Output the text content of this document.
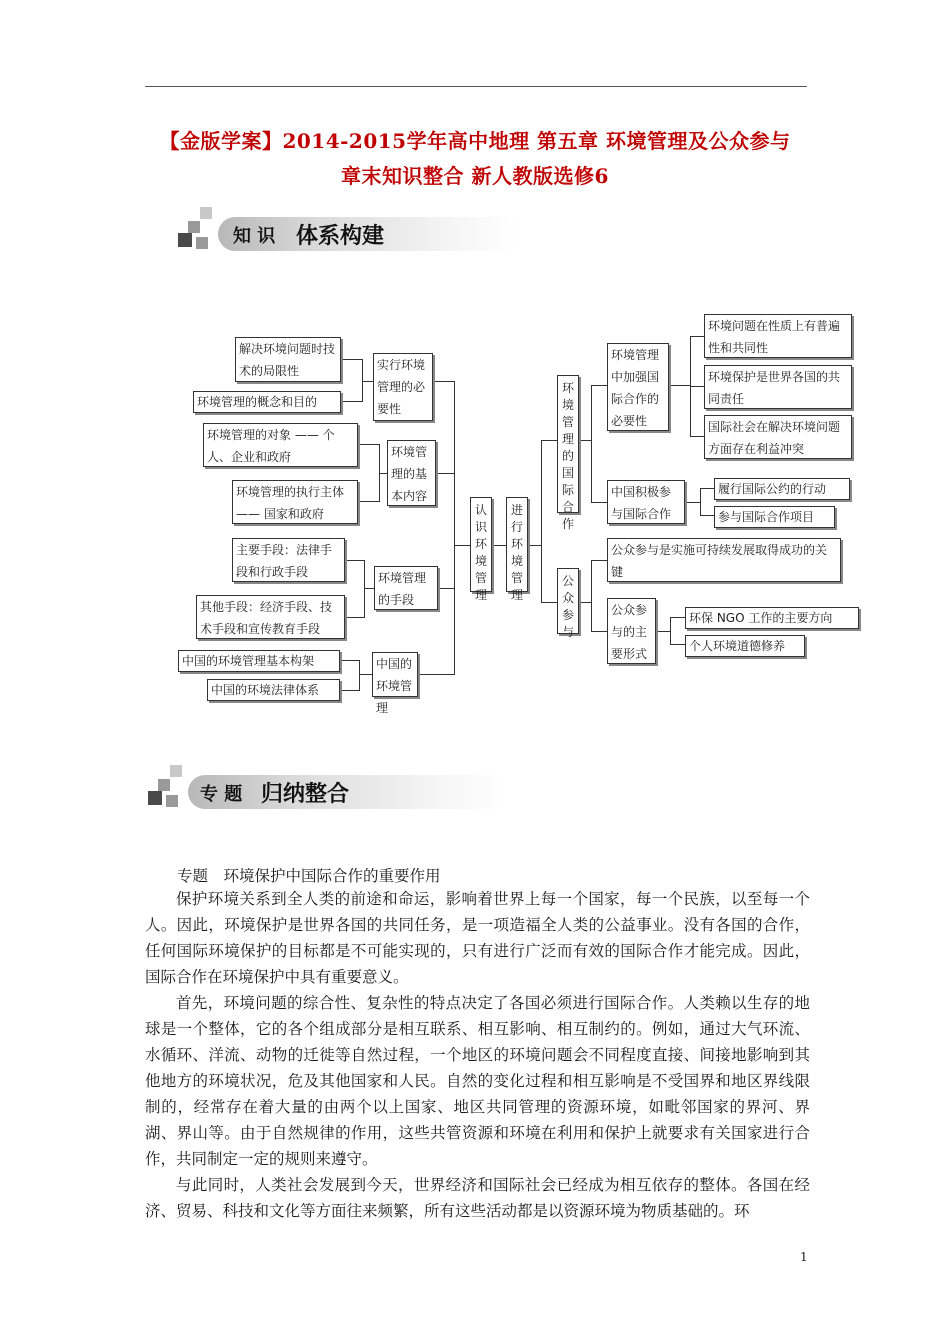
【金版学案】2014-2015学年高中地理 第五章 环境管理及公众参与
章末知识整合 新人教版选修6
知 识 体系构建
解决环境问题时技术的局限性
环境管理的概念和目的
实行环境管理的必要性
环境管理的对象 —— 个人、企业和政府
环境管理的执行主体 —— 国家和政府
环境管理的基本内容
主要手段：法律手段和行政手段
其他手段：经济手段、技术手段和宣传教育手段
环境管理的手段
中国的环境管理基本构架
中国的环境法律体系
中国的环境管理
认识环境管理
进行环境管理
环境管理的国际合作
公众参与
环境管理中加强国际合作的必要性
环境问题在性质上有普遍性和共同性
环境保护是世界各国的共同责任
国际社会在解决环境问题方面存在利益冲突
中国积极参与国际合作
履行国际公约的行动
参与国际合作项目
公众参与是实施可持续发展取得成功的关键
公众参与的主要形式
环保 NGO 工作的主要方向
个人环境道德修养
专 题 归纳整合
专题　环境保护中国际合作的重要作用

保护环境关系到全人类的前途和命运，影响着世界上每一个国家，每一个民族，以至每一个人。因此，环境保护是世界各国的共同任务，是一项造福全人类的公益事业。没有各国的合作，任何国际环境保护的目标都是不可能实现的，只有进行广泛而有效的国际合作才能完成。因此，国际合作在环境保护中具有重要意义。

首先，环境问题的综合性、复杂性的特点决定了各国必须进行国际合作。人类赖以生存的地球是一个整体，它的各个组成部分是相互联系、相互影响、相互制约的。例如，通过大气环流、水循环、洋流、动物的迁徙等自然过程，一个地区的环境问题会不同程度直接、间接地影响到其他地方的环境状况，危及其他国家和人民。自然的变化过程和相互影响是不受国界和地区界线限制的，经常存在着大量的由两个以上国家、地区共同管理的资源环境，如毗邻国家的界河、界湖、界山等。由于自然规律的作用，这些共管资源和环境在利用和保护上就要求有关国家进行合作，共同制定一定的规则来遵守。

与此同时，人类社会发展到今天，世界经济和国际社会已经成为相互依存的整体。各国在经济、贸易、科技和文化等方面往来频繁，所有这些活动都是以资源环境为物质基础的。环

1
